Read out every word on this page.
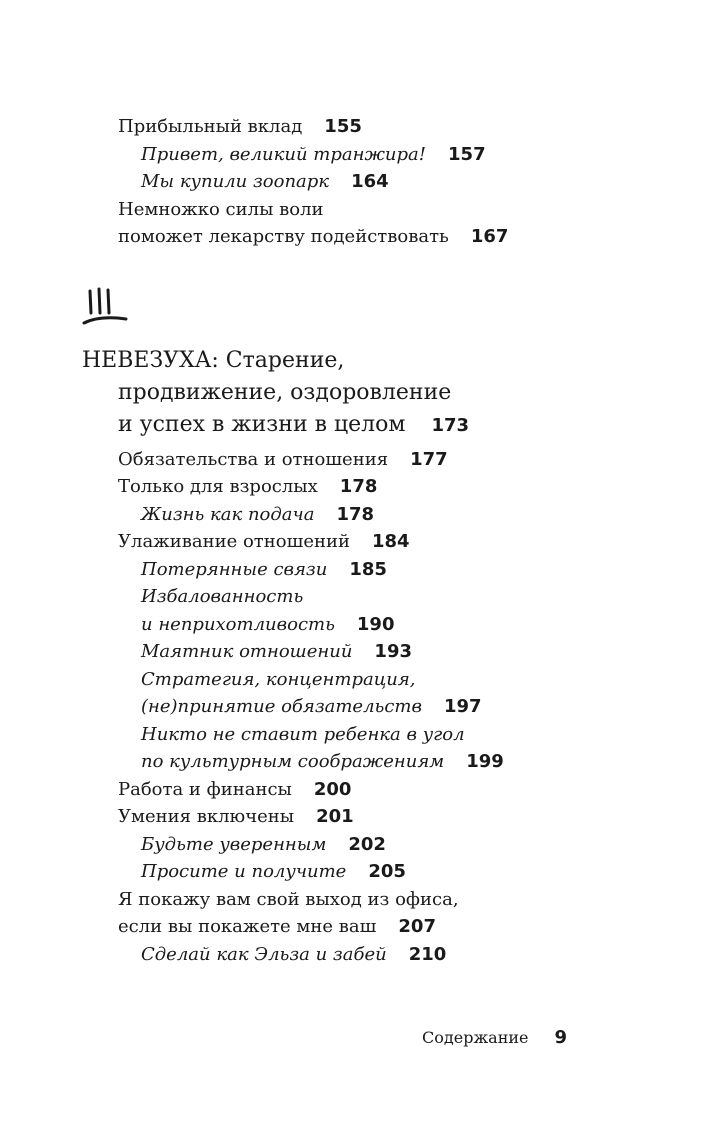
Прибыльный вклад 155
Привет, великий транжира! 157
Мы купили зоопарк 164
Немножко силы воли
поможет лекарству подействовать 167
НЕВЕЗУХА: Старение,
продвижение, оздоровление
и успех в жизни в целом 173
Обязательства и отношения 177
Только для взрослых 178
Жизнь как подача 178
Улаживание отношений 184
Потерянные связи 185
Избалованность
и неприхотливость 190
Маятник отношений 193
Стратегия, концентрация,
(не)принятие обязательств 197
Никто не ставит ребенка в угол
по культурным соображениям 199
Работа и финансы 200
Умения включены 201
Будьте уверенным 202
Просите и получите 205
Я покажу вам свой выход из офиса,
если вы покажете мне ваш 207
Сделай как Эльза и забей 210
Содержание 9
